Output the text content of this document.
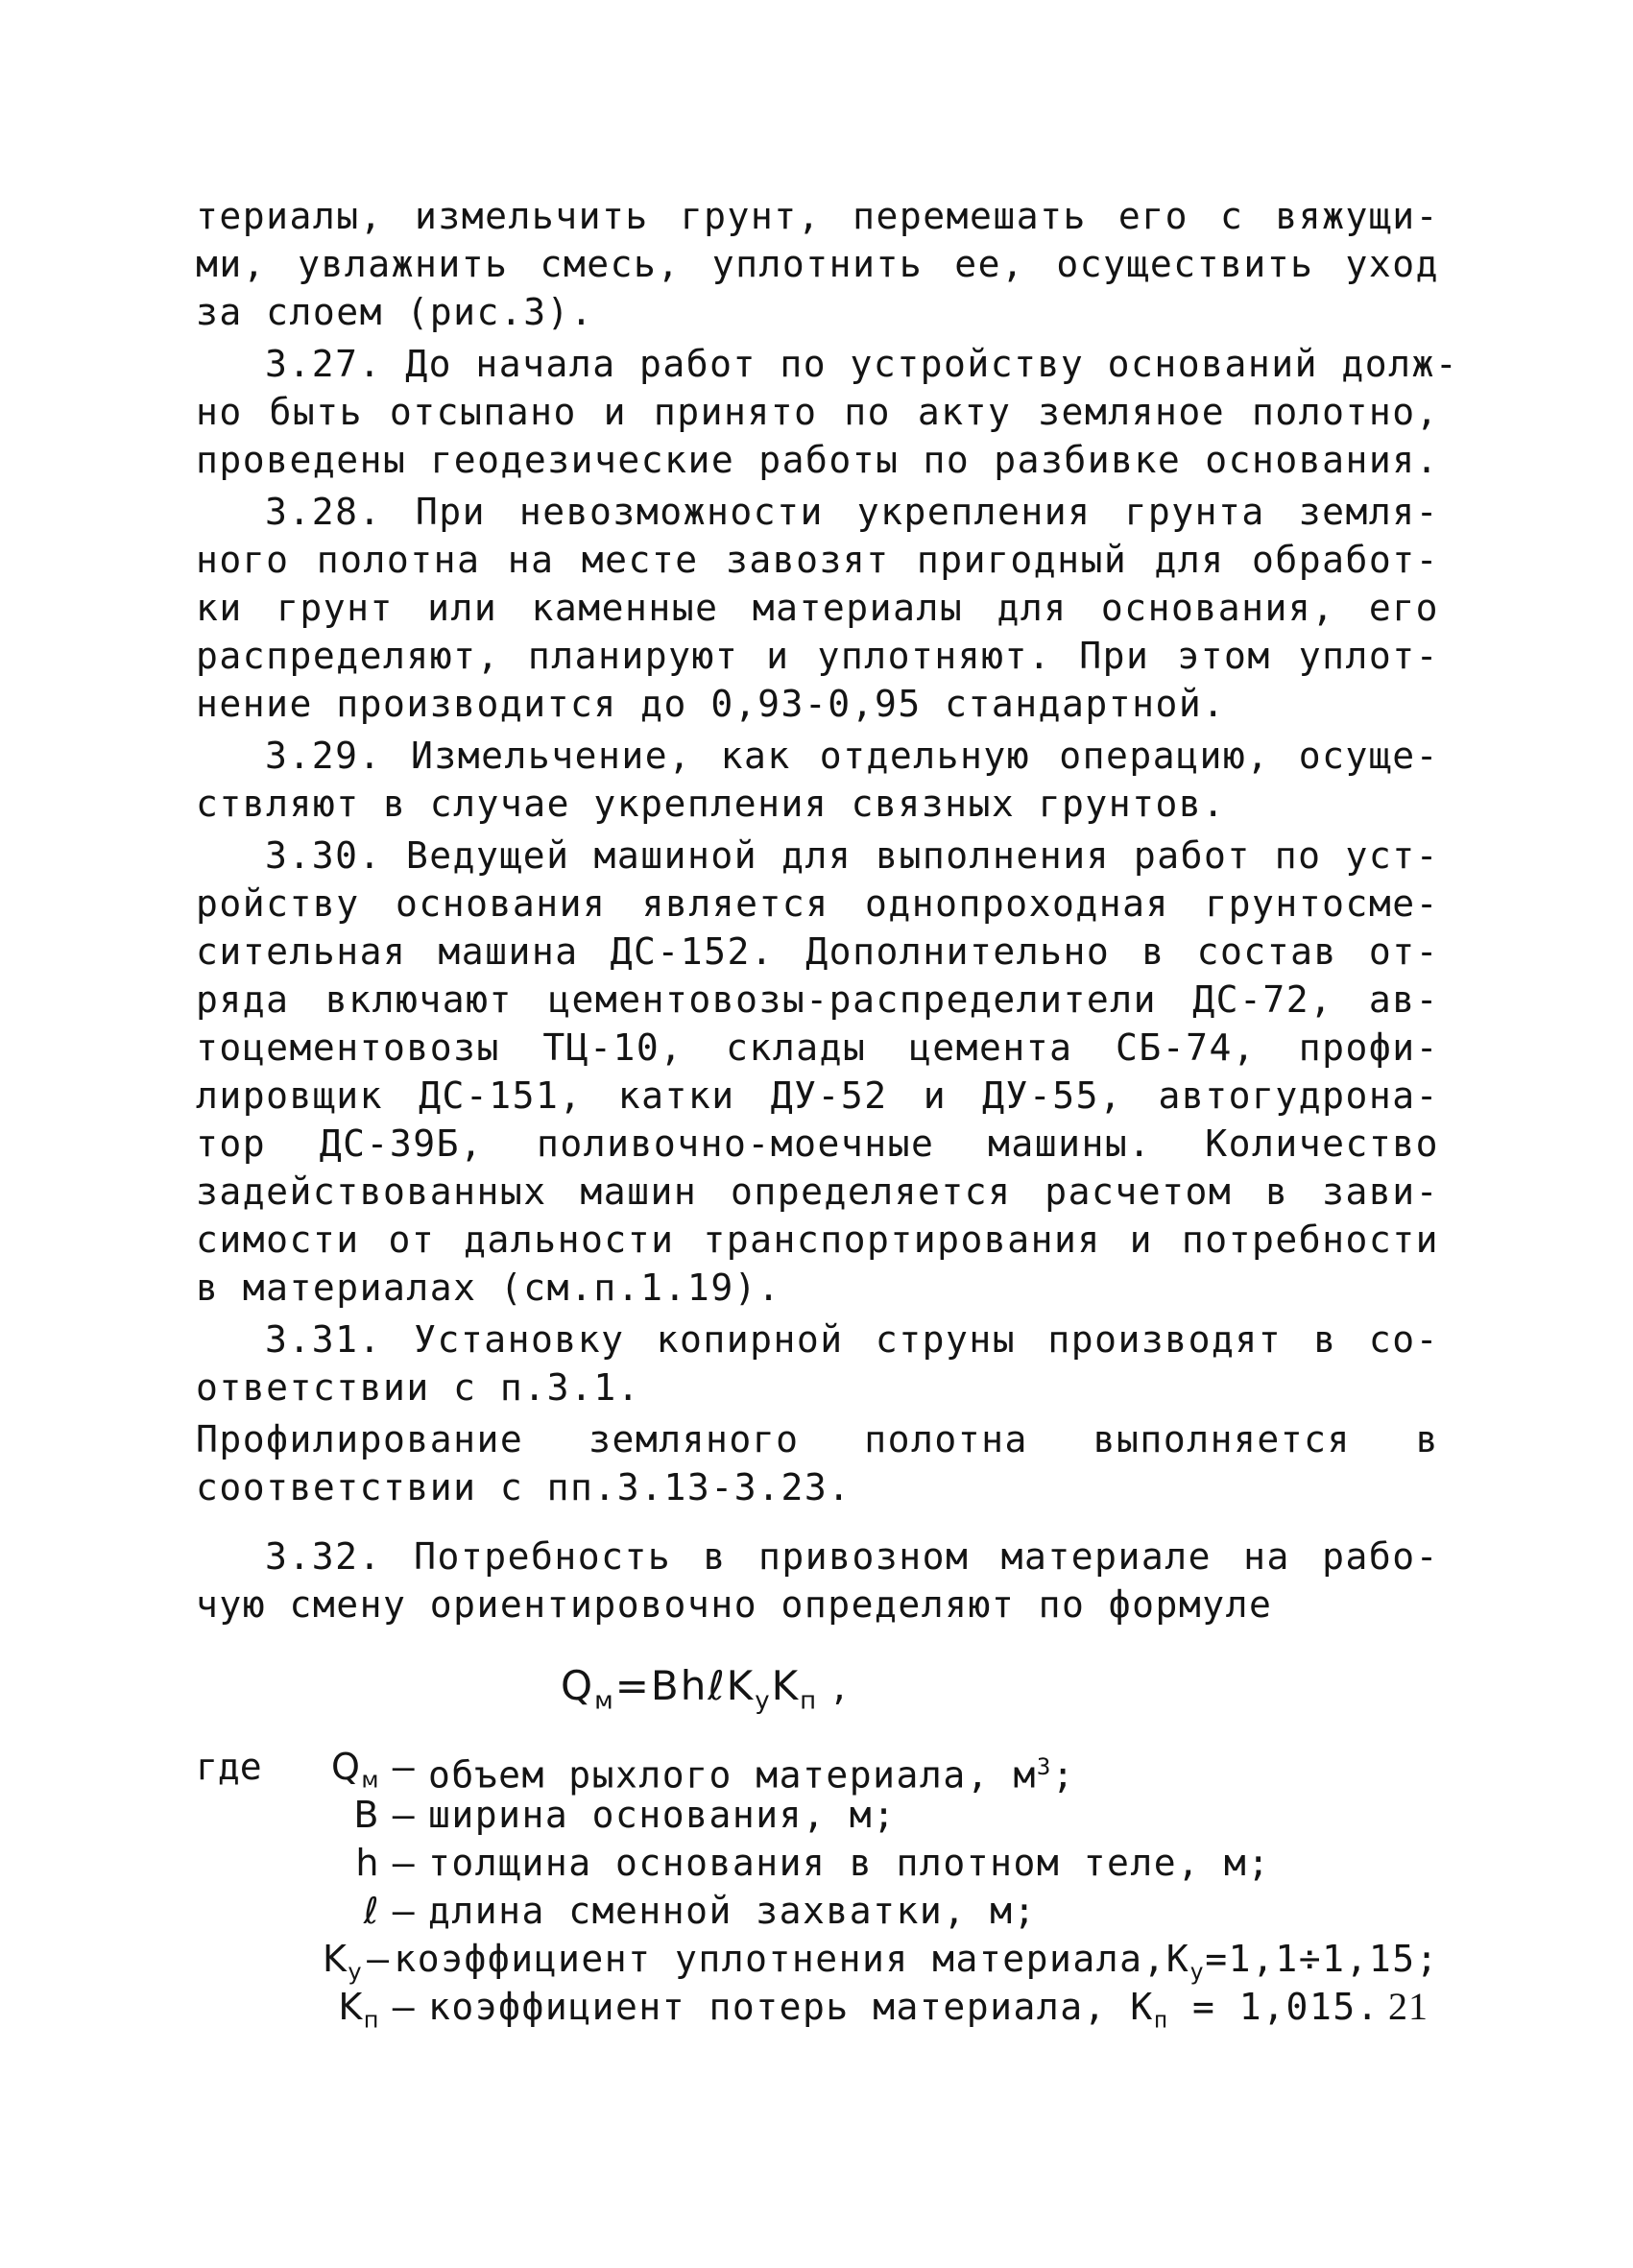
териалы, измельчить грунт, перемешать его с вяжущи-
ми, увлажнить смесь, уплотнить ее, осуществить уход
за слоем (рис.3).
3.27. До начала работ по устройству оснований долж-
но быть отсыпано и принято по акту земляное полотно,
проведены геодезические работы по разбивке основания.
3.28. При невозможности укрепления грунта земля-
ного полотна на месте завозят пригодный для обработ-
ки грунт или каменные материалы для основания, его
распределяют, планируют и уплотняют. При этом уплот-
нение производится до 0,93-0,95 стандартной.
3.29. Измельчение, как отдельную операцию, осуще-
ствляют в случае укрепления связных грунтов.
3.30. Ведущей машиной для выполнения работ по уст-
ройству основания является однопроходная грунтосме-
сительная машина ДС-152. Дополнительно в состав от-
ряда включают цементовозы-распределители ДС-72, ав-
тоцементовозы ТЦ-10, склады цемента СБ-74, профи-
лировщик ДС-151, катки ДУ-52 и ДУ-55, автогудрона-
тор ДС-39Б, поливочно-моечные машины. Количество
задействованных машин определяется расчетом в зави-
симости от дальности транспортирования и потребности
в материалах (см.п.1.19).
3.31. Установку копирной струны производят в со-
ответствии с п.3.1.
Профилирование земляного полотна выполняется в
соответствии с пп.3.13-3.23.
3.32. Потребность в привозном материале на рабо-
чую смену ориентировочно определяют по формуле
$Q_м=Bh\ell K_уK_п$ ,
где $Q_м$ – объем рыхлого материала, $м^3$;
B – ширина основания, м;
h – толщина основания в плотном теле, м;
ℓ – длина сменной захватки, м;
$K_у$ – коэффициент уплотнения $материала,K_у=1,1\div 1,15$;
$K_п$ – коэффициент потерь материала, $K_п = 1,015$. 21
